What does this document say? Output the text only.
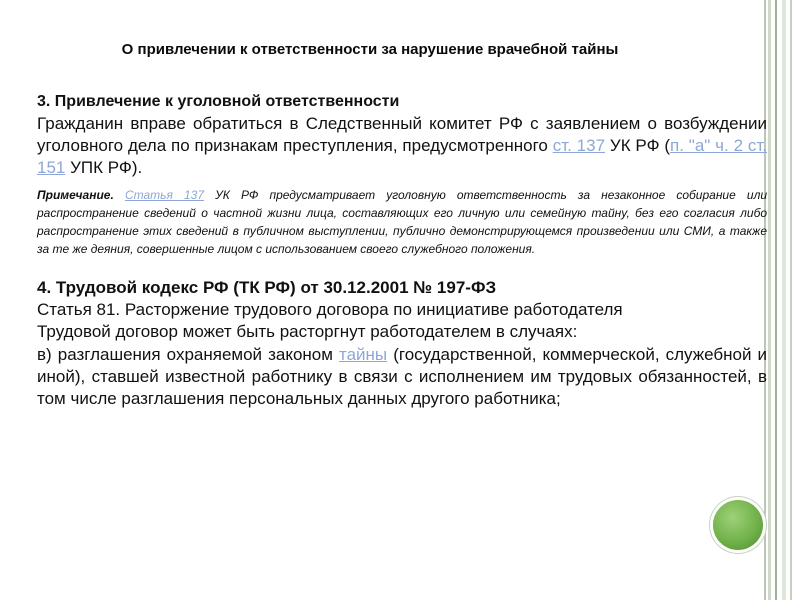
О привлечении к ответственности за нарушение врачебной тайны
3. Привлечение к уголовной ответственности
Гражданин вправе обратиться в Следственный комитет РФ с заявлением о возбуждении уголовного дела по признакам преступления, предусмотренного ст. 137 УК РФ (п. "а" ч. 2 ст. 151 УПК РФ).
Примечание. Статья 137 УК РФ предусматривает уголовную ответственность за незаконное собирание или распространение сведений о частной жизни лица, составляющих его личную или семейную тайну, без его согласия либо распространение этих сведений в публичном выступлении, публично демонстрирующемся произведении или СМИ, а также за те же деяния, совершенные лицом с использованием своего служебного положения.
4. Трудовой кодекс РФ (ТК РФ) от 30.12.2001 № 197-ФЗ
Статья 81. Расторжение трудового договора по инициативе работодателя
Трудовой договор может быть расторгнут работодателем в случаях:
в) разглашения охраняемой законом тайны (государственной, коммерческой, служебной и иной), ставшей известной работнику в связи с исполнением им трудовых обязанностей, в том числе разглашения персональных данных другого работника;
